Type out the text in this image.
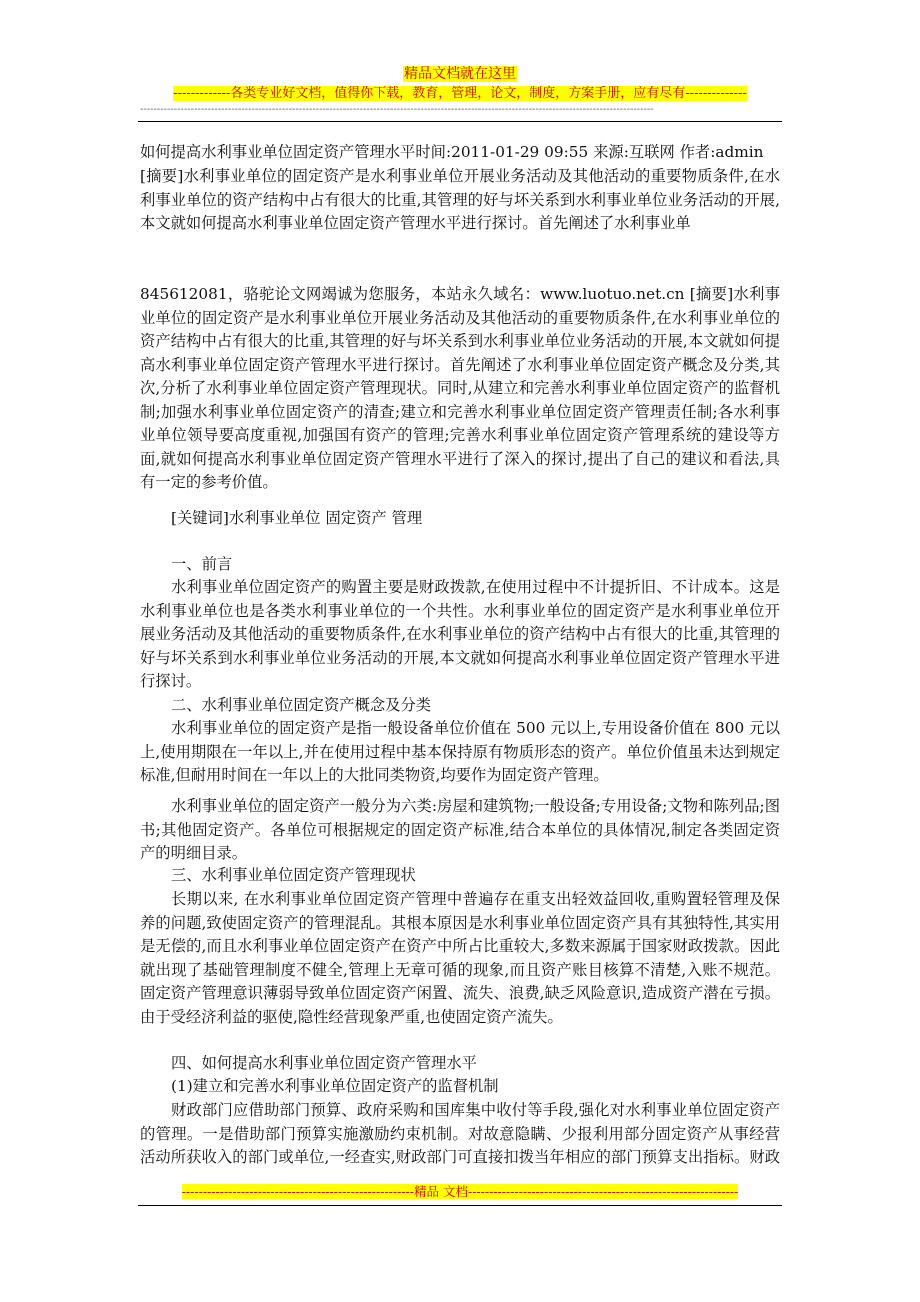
精品文档就在这里
-------------各类专业好文档，值得你下载，教育，管理，论文，制度，方案手册，应有尽有--------------
--------------------------------------------------------------------------------------------------------------------------------------------------------

如何提高水利事业单位固定资产管理水平时间:2011-01-29 09:55 来源:互联网 作者:admin

[摘要]水利事业单位的固定资产是水利事业单位开展业务活动及其他活动的重要物质条件,在水利事业单位的资产结构中占有很大的比重,其管理的好与坏关系到水利事业单位业务活动的开展,本文就如何提高水利事业单位固定资产管理水平进行探讨。首先阐述了水利事业单

845612081，骆驼论文网竭诚为您服务，本站永久域名：www.luotuo.net.cn [摘要]水利事业单位的固定资产是水利事业单位开展业务活动及其他活动的重要物质条件,在水利事业单位的资产结构中占有很大的比重,其管理的好与坏关系到水利事业单位业务活动的开展,本文就如何提高水利事业单位固定资产管理水平进行探讨。首先阐述了水利事业单位固定资产概念及分类,其次,分析了水利事业单位固定资产管理现状。同时,从建立和完善水利事业单位固定资产的监督机制;加强水利事业单位固定资产的清查;建立和完善水利事业单位固定资产管理责任制;各水利事业单位领导要高度重视,加强国有资产的管理;完善水利事业单位固定资产管理系统的建设等方面,就如何提高水利事业单位固定资产管理水平进行了深入的探讨,提出了自己的建议和看法,具有一定的参考价值。

[关键词]水利事业单位 固定资产 管理

一、前言

水利事业单位固定资产的购置主要是财政拨款,在使用过程中不计提折旧、不计成本。这是水利事业单位也是各类水利事业单位的一个共性。水利事业单位的固定资产是水利事业单位开展业务活动及其他活动的重要物质条件,在水利事业单位的资产结构中占有很大的比重,其管理的好与坏关系到水利事业单位业务活动的开展,本文就如何提高水利事业单位固定资产管理水平进行探讨。

二、水利事业单位固定资产概念及分类

水利事业单位的固定资产是指一般设备单位价值在 500 元以上,专用设备价值在 800 元以上,使用期限在一年以上,并在使用过程中基本保持原有物质形态的资产。单位价值虽未达到规定标准,但耐用时间在一年以上的大批同类物资,均要作为固定资产管理。

水利事业单位的固定资产一般分为六类:房屋和建筑物;一般设备;专用设备;文物和陈列品;图书;其他固定资产。各单位可根据规定的固定资产标准,结合本单位的具体情况,制定各类固定资产的明细目录。

三、水利事业单位固定资产管理现状

长期以来, 在水利事业单位固定资产管理中普遍存在重支出轻效益回收,重购置轻管理及保养的问题,致使固定资产的管理混乱。其根本原因是水利事业单位固定资产具有其独特性,其实用是无偿的,而且水利事业单位固定资产在资产中所占比重较大,多数来源属于国家财政拨款。因此就出现了基础管理制度不健全,管理上无章可循的现象,而且资产账目核算不清楚,入账不规范。固定资产管理意识薄弱导致单位固定资产闲置、流失、浪费,缺乏风险意识,造成资产潜在亏损。由于受经济利益的驱使,隐性经营现象严重,也使固定资产流失。

四、如何提高水利事业单位固定资产管理水平

(1)建立和完善水利事业单位固定资产的监督机制

财政部门应借助部门预算、政府采购和国库集中收付等手段,强化对水利事业单位固定资产的管理。一是借助部门预算实施激励约束机制。对故意隐瞒、少报利用部分固定资产从事经营活动所获收入的部门或单位,一经查实,财政部门可直接扣拨当年相应的部门预算支出指标。财政

-------------------------------------------------------精品 文档----------------------------------------------------------------
